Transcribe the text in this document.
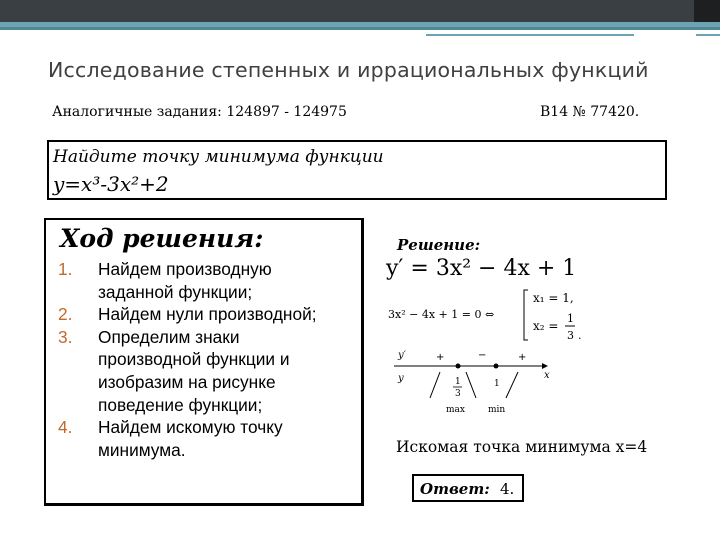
Исследование степенных и иррациональных функций
Аналогичные задания: 124897 - 124975	B14 № 77420.
Найдите точку минимума функции
y=x³-3x²+2
Ход решения:
1. Найдем производную
заданной функции;
2. Найдем нули производной;
3. Определим знаки
производной функции и
изобразим на рисунке
поведение функции;
4. Найдем искомую точку
минимума.
Решение:
y′ = 3x² − 4x + 1
3x² − 4x + 1 = 0 ⇔
x₁ = 1,
x₂ =
1
3 .
y′
y	x
+	−	+
1
3
1
max	min
Искомая точка минимума x=4
Ответ: 4.
